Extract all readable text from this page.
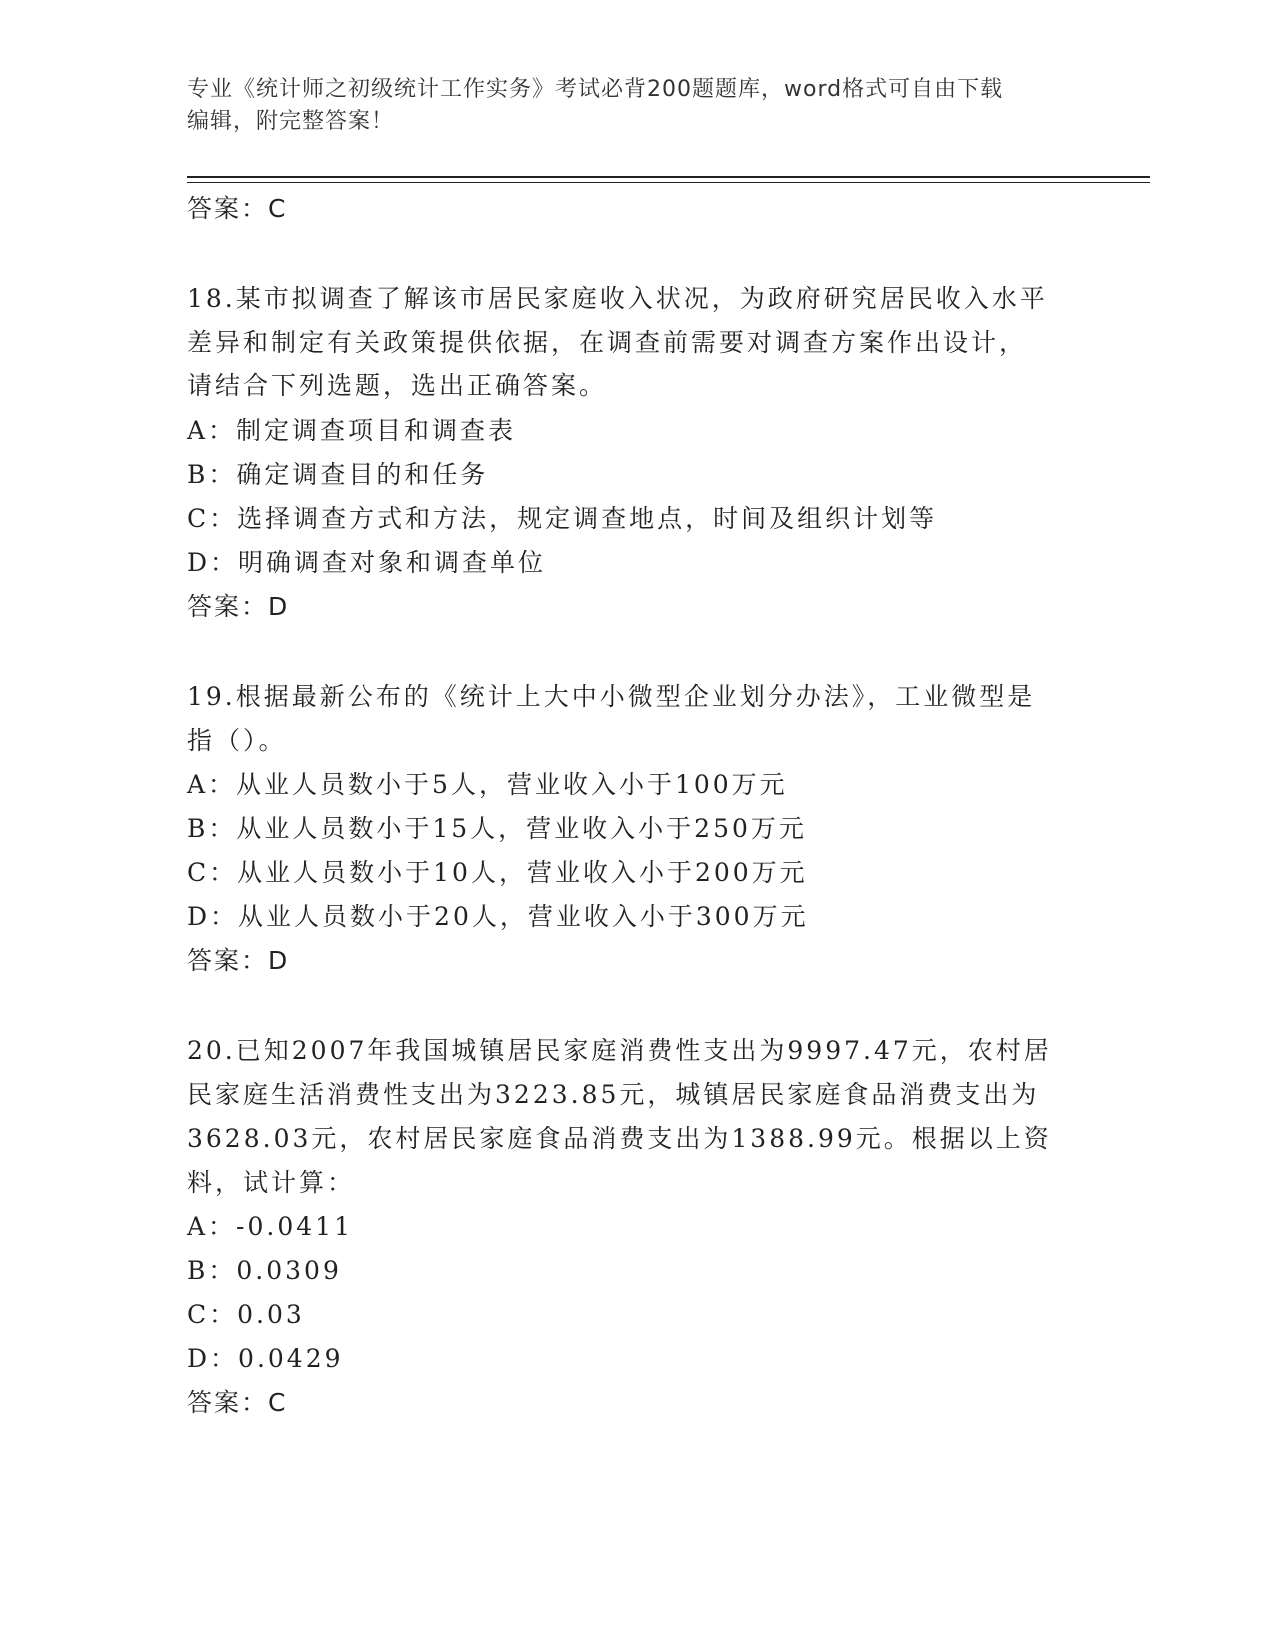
专业《统计师之初级统计工作实务》考试必背200题题库，word格式可自由下载
编辑，附完整答案！
答案：C
18.某市拟调查了解该市居民家庭收入状况，为政府研究居民收入水平
差异和制定有关政策提供依据，在调查前需要对调查方案作出设计，
请结合下列选题，选出正确答案。
A：制定调查项目和调查表
B：确定调查目的和任务
C：选择调查方式和方法，规定调查地点，时间及组织计划等
D：明确调查对象和调查单位
答案：D
19.根据最新公布的《统计上大中小微型企业划分办法》，工业微型是
指（）。
A：从业人员数小于5人，营业收入小于100万元
B：从业人员数小于15人，营业收入小于250万元
C：从业人员数小于10人，营业收入小于200万元
D：从业人员数小于20人，营业收入小于300万元
答案：D
20.已知2007年我国城镇居民家庭消费性支出为9997.47元，农村居
民家庭生活消费性支出为3223.85元，城镇居民家庭食品消费支出为
3628.03元，农村居民家庭食品消费支出为1388.99元。根据以上资
料，试计算：
A：-0.0411
B：0.0309
C：0.03
D：0.0429
答案：C
